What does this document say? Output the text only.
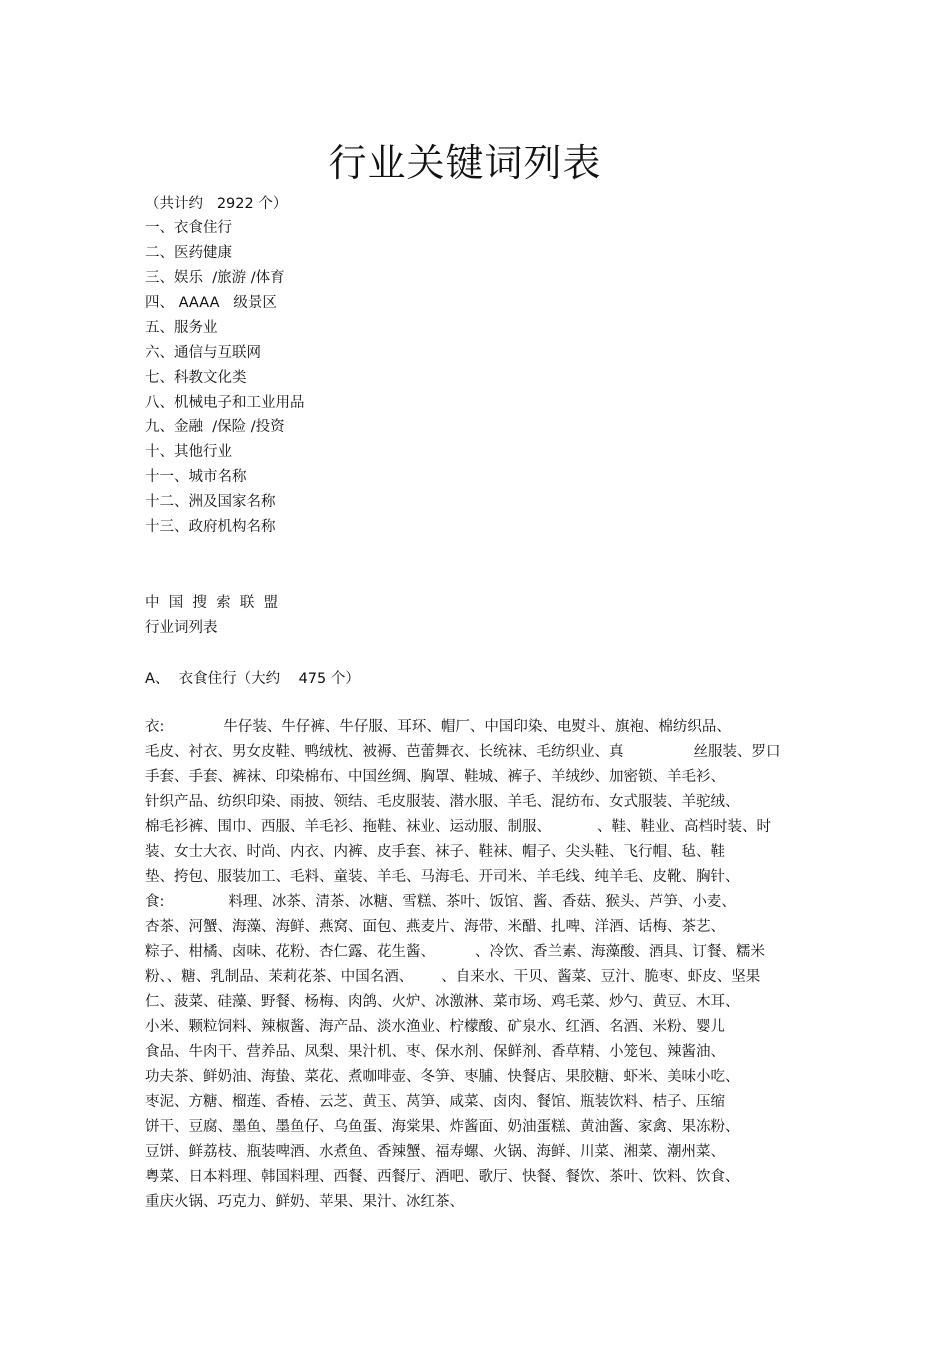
行业关键词列表
（共计约   2922 个）
一、衣食住行
二、医药健康
三、娱乐  /旅游 /体育
四、 AAAA   级景区
五、服务业
六、通信与互联网
七、科教文化类
八、机械电子和工业用品
九、金融  /保险 /投资
十、其他行业
十一、城市名称
十二、洲及国家名称
十三、政府机构名称
中  国  搜  索  联  盟
行业词列表
A、  衣食住行（大约    475 个）
衣:	牛仔装、牛仔裤、牛仔服、耳环、帽厂、中国印染、电熨斗、旗袍、棉纺织品、
毛皮、衬衣、男女皮鞋、鸭绒枕、被褥、芭蕾舞衣、长统袜、毛纺织业、真	丝服装、罗口
手套、手套、裤袜、印染棉布、中国丝绸、胸罩、鞋城、裤子、羊绒纱、加密锁、羊毛衫、
针织产品、纺织印染、雨披、领结、毛皮服装、潜水服、羊毛、混纺布、女式服装、羊驼绒、
棉毛衫裤、围巾、西服、羊毛衫、拖鞋、袜业、运动服、制服、	、鞋、鞋业、高档时装、时
装、女士大衣、时尚、内衣、内裤、皮手套、袜子、鞋袜、帽子、尖头鞋、飞行帽、毡、鞋
垫、挎包、服装加工、毛料、童装、羊毛、马海毛、开司米、羊毛线、纯羊毛、皮靴、胸针、
食:	料理、冰茶、清茶、冰糖、雪糕、茶叶、饭馆、酱、香菇、猴头、芦笋、小麦、
杏茶、河蟹、海藻、海鲜、燕窝、面包、燕麦片、海带、米醋、扎啤、洋酒、话梅、茶艺、
粽子、柑橘、卤味、花粉、杏仁露、花生酱、	、冷饮、香兰素、海藻酸、酒具、订餐、糯米
粉、、糖、乳制品、茉莉花茶、中国名酒、 、自来水、干贝、酱菜、豆汁、脆枣、虾皮、坚果
仁、菠菜、硅藻、野餐、杨梅、肉鸽、火炉、冰激淋、菜市场、鸡毛菜、炒勺、黄豆、木耳、
小米、颗粒饲料、辣椒酱、海产品、淡水渔业、柠檬酸、矿泉水、红酒、名酒、米粉、婴儿
食品、牛肉干、营养品、凤梨、果汁机、枣、保水剂、保鲜剂、香草精、小笼包、辣酱油、
功夫茶、鲜奶油、海蛰、菜花、煮咖啡壶、冬笋、枣脯、快餐店、果胶糖、虾米、美味小吃、
枣泥、方糖、榴莲、香椿、云芝、黄玉、莴笋、咸菜、卤肉、餐馆、瓶装饮料、桔子、压缩
饼干、豆腐、墨鱼、墨鱼仔、乌鱼蛋、海棠果、炸酱面、奶油蛋糕、黄油酱、家禽、果冻粉、
豆饼、鲜荔枝、瓶装啤酒、水煮鱼、香辣蟹、福寿螺、火锅、海鲜、川菜、湘菜、潮州菜、
粤菜、日本料理、韩国料理、西餐、西餐厅、酒吧、歌厅、快餐、餐饮、茶叶、饮料、饮食、
重庆火锅、巧克力、鲜奶、苹果、果汁、冰红茶、
